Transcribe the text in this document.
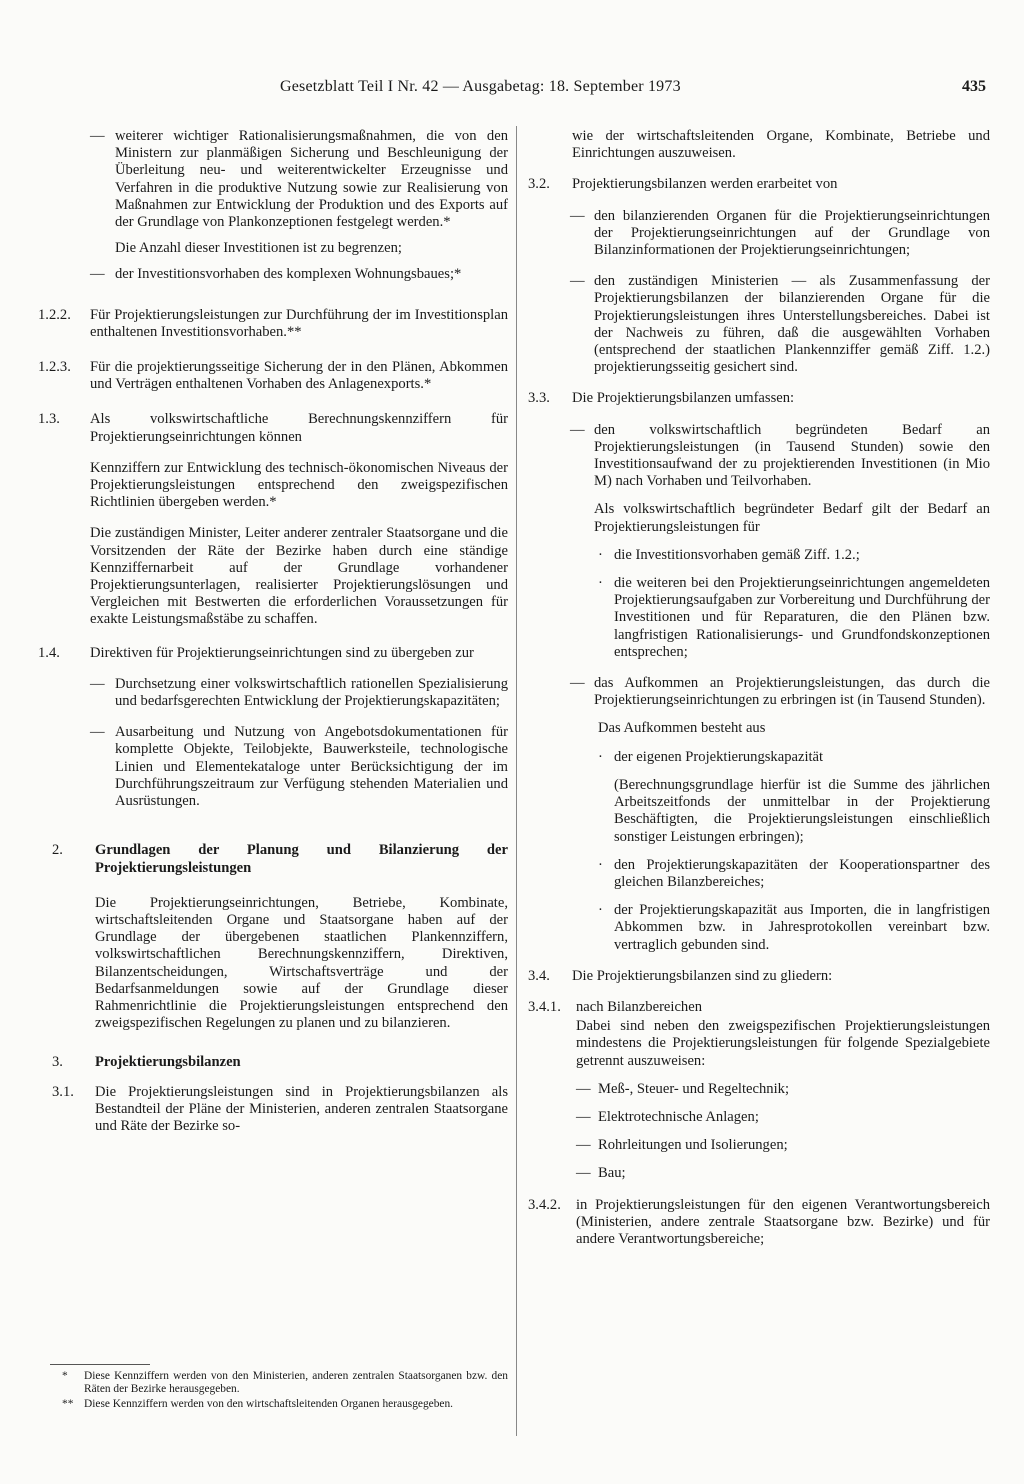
Gesetzblatt Teil I Nr. 42 — Ausgabetag: 18. September 1973	435
— weiterer wichtiger Rationalisierungsmaßnahmen, die von den Ministern zur planmäßigen Sicherung und Beschleunigung der Überleitung neu- und weiterentwickelter Erzeugnisse und Verfahren in die produktive Nutzung sowie zur Realisierung von Maßnahmen zur Entwicklung der Produktion und des Exports auf der Grundlage von Plankonzeptionen festgelegt werden.*

Die Anzahl dieser Investitionen ist zu begrenzen;

— der Investitionsvorhaben des komplexen Wohnungsbaues;*
1.2.2. Für Projektierungsleistungen zur Durchführung der im Investitionsplan enthaltenen Investitionsvorhaben.**
1.2.3. Für die projektierungsseitige Sicherung der in den Plänen, Abkommen und Verträgen enthaltenen Vorhaben des Anlagenexports.*
1.3. Als volkswirtschaftliche Berechnungskennziffern für Projektierungseinrichtungen können

Kennziffern zur Entwicklung des technisch-ökonomischen Niveaus der Projektierungsleistungen entsprechend den zweigspezifischen Richtlinien übergeben werden.*

Die zuständigen Minister, Leiter anderer zentraler Staatsorgane und die Vorsitzenden der Räte der Bezirke haben durch eine ständige Kennziffernarbeit auf der Grundlage vorhandener Projektierungsunterlagen, realisierter Projektierungslösungen und Vergleichen mit Bestwerten die erforderlichen Voraussetzungen für exakte Leistungsmaßstäbe zu schaffen.

1.4. Direktiven für Projektierungseinrichtungen sind zu übergeben zur
— Durchsetzung einer volkswirtschaftlich rationellen Spezialisierung und bedarfsgerechten Entwicklung der Projektierungskapazitäten;
— Ausarbeitung und Nutzung von Angebotsdokumentationen für komplette Objekte, Teilobjekte, Bauwerksteile, technologische Linien und Elementekataloge unter Berücksichtigung der im Durchführungszeitraum zur Verfügung stehenden Materialien und Ausrüstungen.
2. Grundlagen der Planung und Bilanzierung der Projektierungsleistungen

Die Projektierungseinrichtungen, Betriebe, Kombinate, wirtschaftsleitenden Organe und Staatsorgane haben auf der Grundlage der übergebenen staatlichen Plankennziffern, volkswirtschaftlichen Berechnungskennziffern, Direktiven, Bilanzentscheidungen, Wirtschaftsverträge und der Bedarfsanmeldungen sowie auf der Grundlage dieser Rahmenrichtlinie die Projektierungsleistungen entsprechend den zweigspezifischen Regelungen zu planen und zu bilanzieren.

3. Projektierungsbilanzen
3.1. Die Projektierungsleistungen sind in Projektierungsbilanzen als Bestandteil der Pläne der Ministerien, anderen zentralen Staatsorgane und Räte der Bezirke so-
* Diese Kennziffern werden von den Ministerien, anderen zentralen Staatsorganen bzw. den Räten der Bezirke herausgegeben.
** Diese Kennziffern werden von den wirtschaftsleitenden Organen herausgegeben.

wie der wirtschaftsleitenden Organe, Kombinate, Betriebe und Einrichtungen auszuweisen.

3.2. Projektierungsbilanzen werden erarbeitet von
— den bilanzierenden Organen für die Projektierungseinrichtungen der Projektierungseinrichtungen auf der Grundlage von Bilanzinformationen der Projektierungseinrichtungen;
— den zuständigen Ministerien — als Zusammenfassung der Projektierungsbilanzen der bilanzierenden Organe für die Projektierungsleistungen ihres Unterstellungsbereiches. Dabei ist der Nachweis zu führen, daß die ausgewählten Vorhaben (entsprechend der staatlichen Plankennziffer gemäß Ziff. 1.2.) projektierungsseitig gesichert sind.
3.3. Die Projektierungsbilanzen umfassen:
— den volkswirtschaftlich begründeten Bedarf an Projektierungsleistungen (in Tausend Stunden) sowie den Investitionsaufwand der zu projektierenden Investitionen (in Mio M) nach Vorhaben und Teilvorhaben.

Als volkswirtschaftlich begründeter Bedarf gilt der Bedarf an Projektierungsleistungen für

· die Investitionsvorhaben gemäß Ziff. 1.2.;
· die weiteren bei den Projektierungseinrichtungen angemeldeten Projektierungsaufgaben zur Vorbereitung und Durchführung der Investitionen und für Reparaturen, die den Plänen bzw. langfristigen Rationalisierungs- und Grundfondskonzeptionen entsprechen;
— das Aufkommen an Projektierungsleistungen, das durch die Projektierungseinrichtungen zu erbringen ist (in Tausend Stunden).

Das Aufkommen besteht aus

· der eigenen Projektierungskapazität

(Berechnungsgrundlage hierfür ist die Summe des jährlichen Arbeitszeitfonds der unmittelbar in der Projektierung Beschäftigten, die Projektierungsleistungen einschließlich sonstiger Leistungen erbringen);

· den Projektierungskapazitäten der Kooperationspartner des gleichen Bilanzbereiches;
· der Projektierungskapazität aus Importen, die in langfristigen Abkommen bzw. in Jahresprotokollen vereinbart bzw. vertraglich gebunden sind.
3.4. Die Projektierungsbilanzen sind zu gliedern:
3.4.1. nach Bilanzbereichen

Dabei sind neben den zweigspezifischen Projektierungsleistungen mindestens die Projektierungsleistungen für folgende Spezialgebiete getrennt auszuweisen:

— Meß-, Steuer- und Regeltechnik;
— Elektrotechnische Anlagen;
— Rohrleitungen und Isolierungen;
— Bau;
3.4.2. in Projektierungsleistungen für den eigenen Verantwortungsbereich (Ministerien, andere zentrale Staatsorgane bzw. Bezirke) und für andere Verantwortungsbereiche;
